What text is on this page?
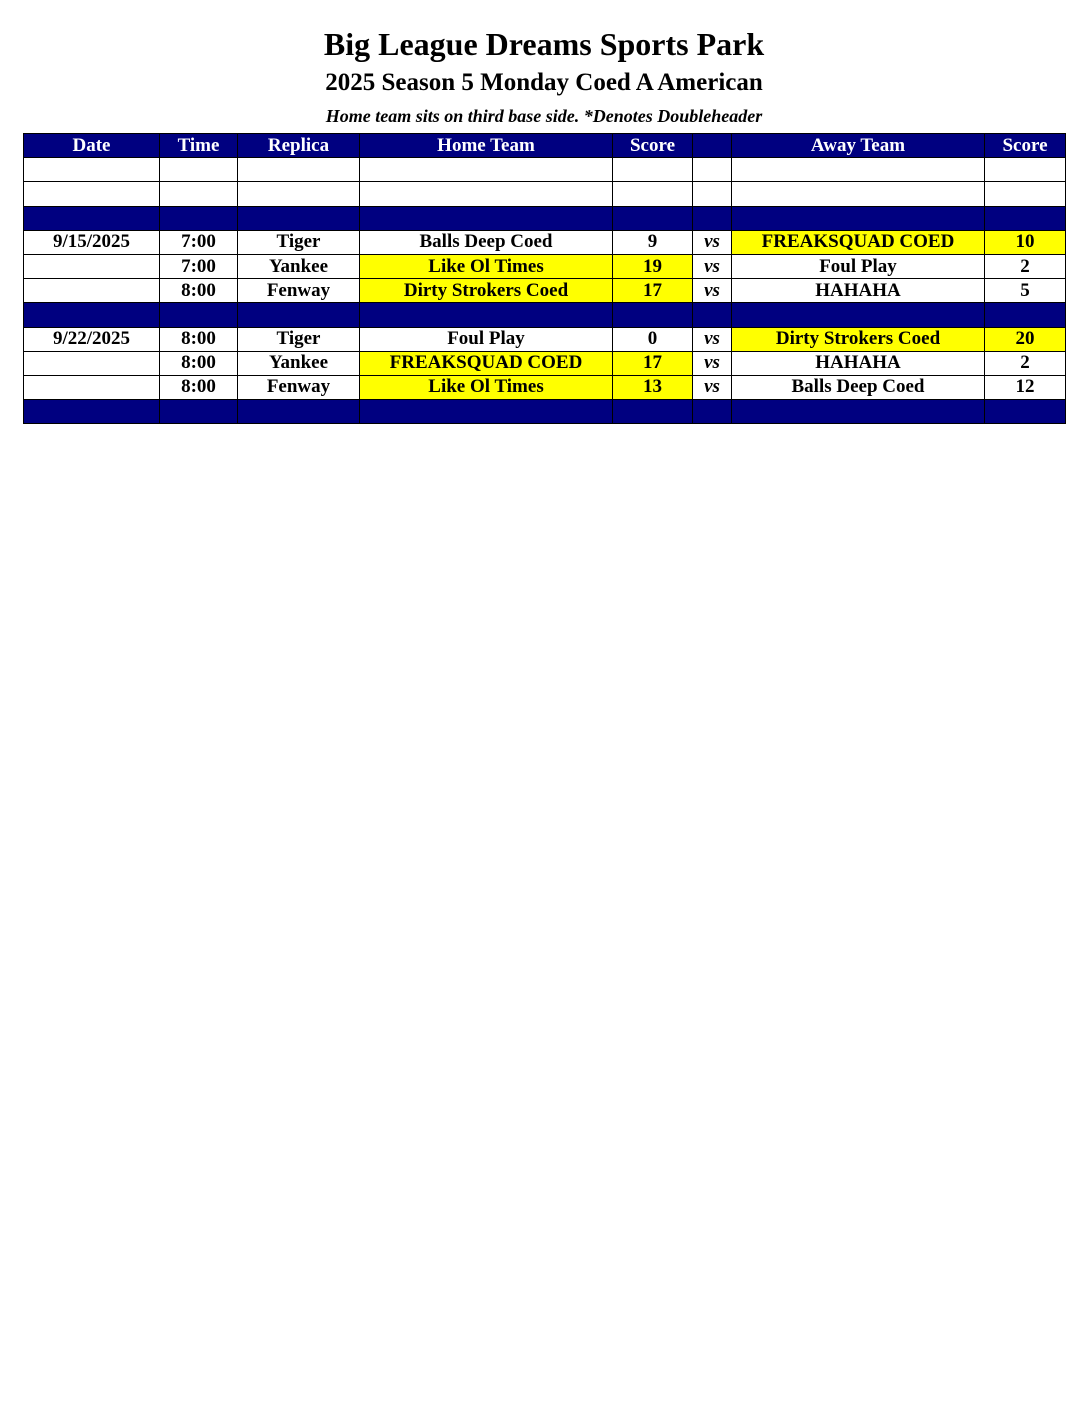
Big League Dreams Sports Park
2025 Season 5 Monday Coed A American
Home team sits on third base side. *Denotes Doubleheader
Date	Time	Replica	Home Team	Score		Away Team	Score

9/15/2025	7:00	Tiger	Balls Deep Coed	9	vs	FREAKSQUAD COED	10
	7:00	Yankee	Like Ol Times	19	vs	Foul Play	2
	8:00	Fenway	Dirty Strokers Coed	17	vs	HAHAHA	5

9/22/2025	8:00	Tiger	Foul Play	0	vs	Dirty Strokers Coed	20
	8:00	Yankee	FREAKSQUAD COED	17	vs	HAHAHA	2
	8:00	Fenway	Like Ol Times	13	vs	Balls Deep Coed	12
